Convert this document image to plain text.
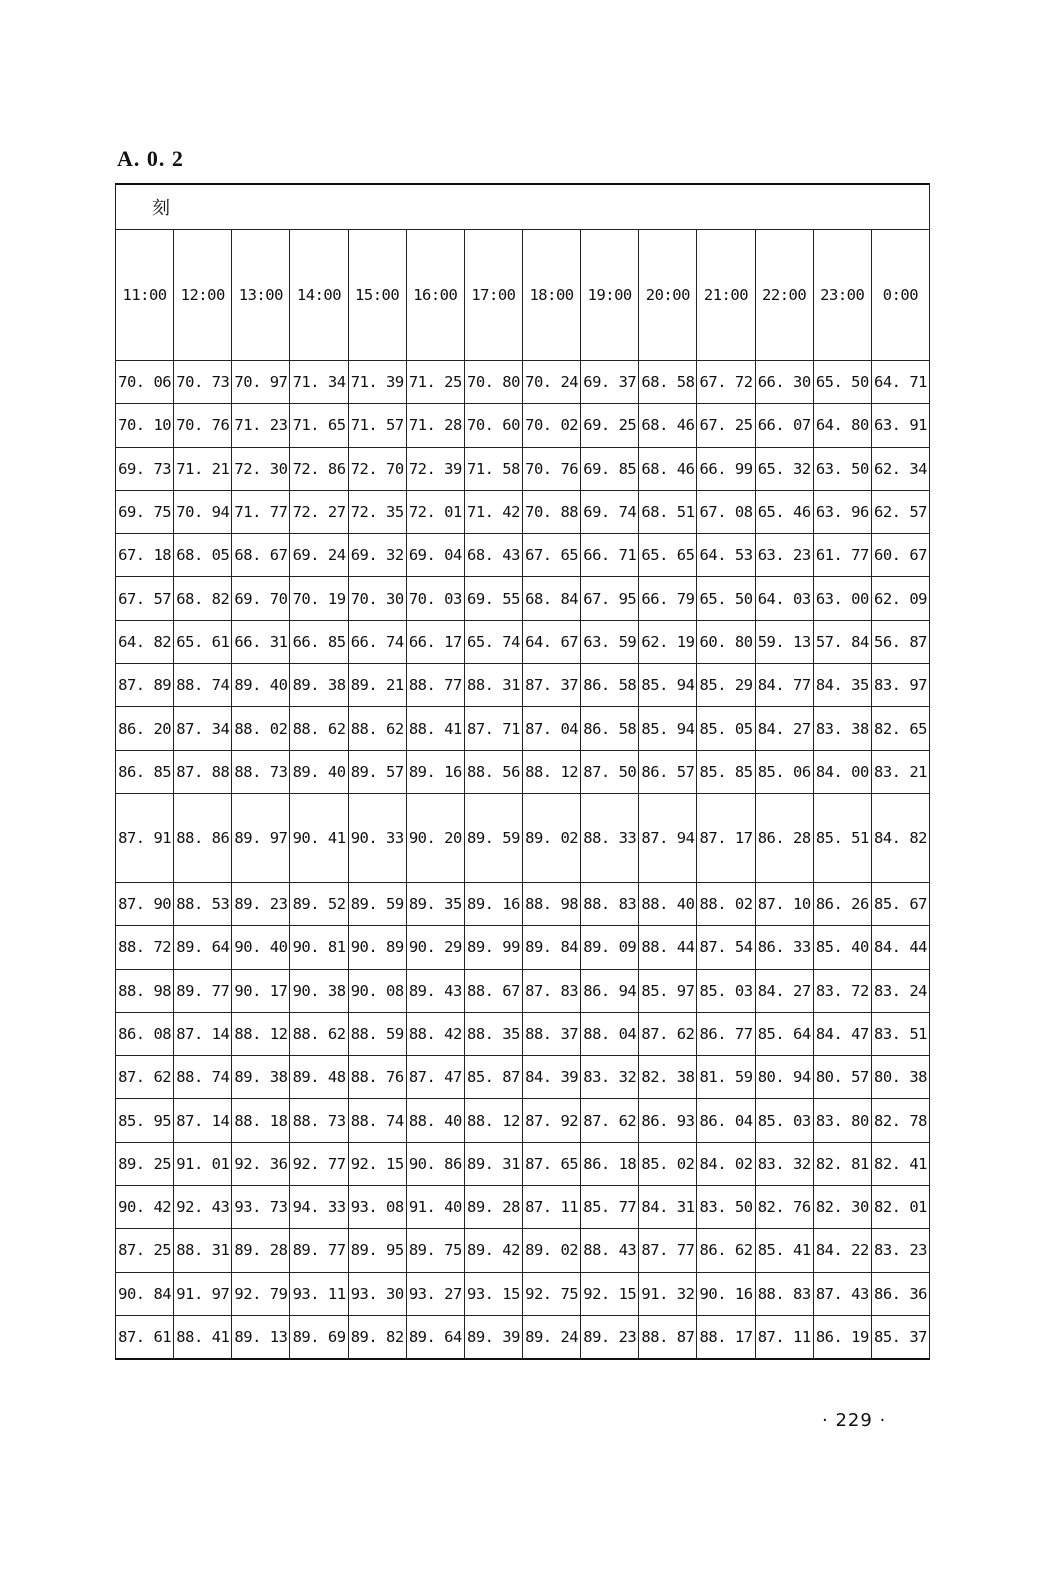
A. 0. 2
刻													
11:00	12:00	13:00	14:00	15:00	16:00	17:00	18:00	19:00	20:00	21:00	22:00	23:00	0:00
70. 06	70. 73	70. 97	71. 34	71. 39	71. 25	70. 80	70. 24	69. 37	68. 58	67. 72	66. 30	65. 50	64. 71
70. 10	70. 76	71. 23	71. 65	71. 57	71. 28	70. 60	70. 02	69. 25	68. 46	67. 25	66. 07	64. 80	63. 91
69. 73	71. 21	72. 30	72. 86	72. 70	72. 39	71. 58	70. 76	69. 85	68. 46	66. 99	65. 32	63. 50	62. 34
69. 75	70. 94	71. 77	72. 27	72. 35	72. 01	71. 42	70. 88	69. 74	68. 51	67. 08	65. 46	63. 96	62. 57
67. 18	68. 05	68. 67	69. 24	69. 32	69. 04	68. 43	67. 65	66. 71	65. 65	64. 53	63. 23	61. 77	60. 67
67. 57	68. 82	69. 70	70. 19	70. 30	70. 03	69. 55	68. 84	67. 95	66. 79	65. 50	64. 03	63. 00	62. 09
64. 82	65. 61	66. 31	66. 85	66. 74	66. 17	65. 74	64. 67	63. 59	62. 19	60. 80	59. 13	57. 84	56. 87
87. 89	88. 74	89. 40	89. 38	89. 21	88. 77	88. 31	87. 37	86. 58	85. 94	85. 29	84. 77	84. 35	83. 97
86. 20	87. 34	88. 02	88. 62	88. 62	88. 41	87. 71	87. 04	86. 58	85. 94	85. 05	84. 27	83. 38	82. 65
86. 85	87. 88	88. 73	89. 40	89. 57	89. 16	88. 56	88. 12	87. 50	86. 57	85. 85	85. 06	84. 00	83. 21
87. 91	88. 86	89. 97	90. 41	90. 33	90. 20	89. 59	89. 02	88. 33	87. 94	87. 17	86. 28	85. 51	84. 82
87. 90	88. 53	89. 23	89. 52	89. 59	89. 35	89. 16	88. 98	88. 83	88. 40	88. 02	87. 10	86. 26	85. 67
88. 72	89. 64	90. 40	90. 81	90. 89	90. 29	89. 99	89. 84	89. 09	88. 44	87. 54	86. 33	85. 40	84. 44
88. 98	89. 77	90. 17	90. 38	90. 08	89. 43	88. 67	87. 83	86. 94	85. 97	85. 03	84. 27	83. 72	83. 24
86. 08	87. 14	88. 12	88. 62	88. 59	88. 42	88. 35	88. 37	88. 04	87. 62	86. 77	85. 64	84. 47	83. 51
87. 62	88. 74	89. 38	89. 48	88. 76	87. 47	85. 87	84. 39	83. 32	82. 38	81. 59	80. 94	80. 57	80. 38
85. 95	87. 14	88. 18	88. 73	88. 74	88. 40	88. 12	87. 92	87. 62	86. 93	86. 04	85. 03	83. 80	82. 78
89. 25	91. 01	92. 36	92. 77	92. 15	90. 86	89. 31	87. 65	86. 18	85. 02	84. 02	83. 32	82. 81	82. 41
90. 42	92. 43	93. 73	94. 33	93. 08	91. 40	89. 28	87. 11	85. 77	84. 31	83. 50	82. 76	82. 30	82. 01
87. 25	88. 31	89. 28	89. 77	89. 95	89. 75	89. 42	89. 02	88. 43	87. 77	86. 62	85. 41	84. 22	83. 23
90. 84	91. 97	92. 79	93. 11	93. 30	93. 27	93. 15	92. 75	92. 15	91. 32	90. 16	88. 83	87. 43	86. 36
87. 61	88. 41	89. 13	89. 69	89. 82	89. 64	89. 39	89. 24	89. 23	88. 87	88. 17	87. 11	86. 19	85. 37
· 229 ·
